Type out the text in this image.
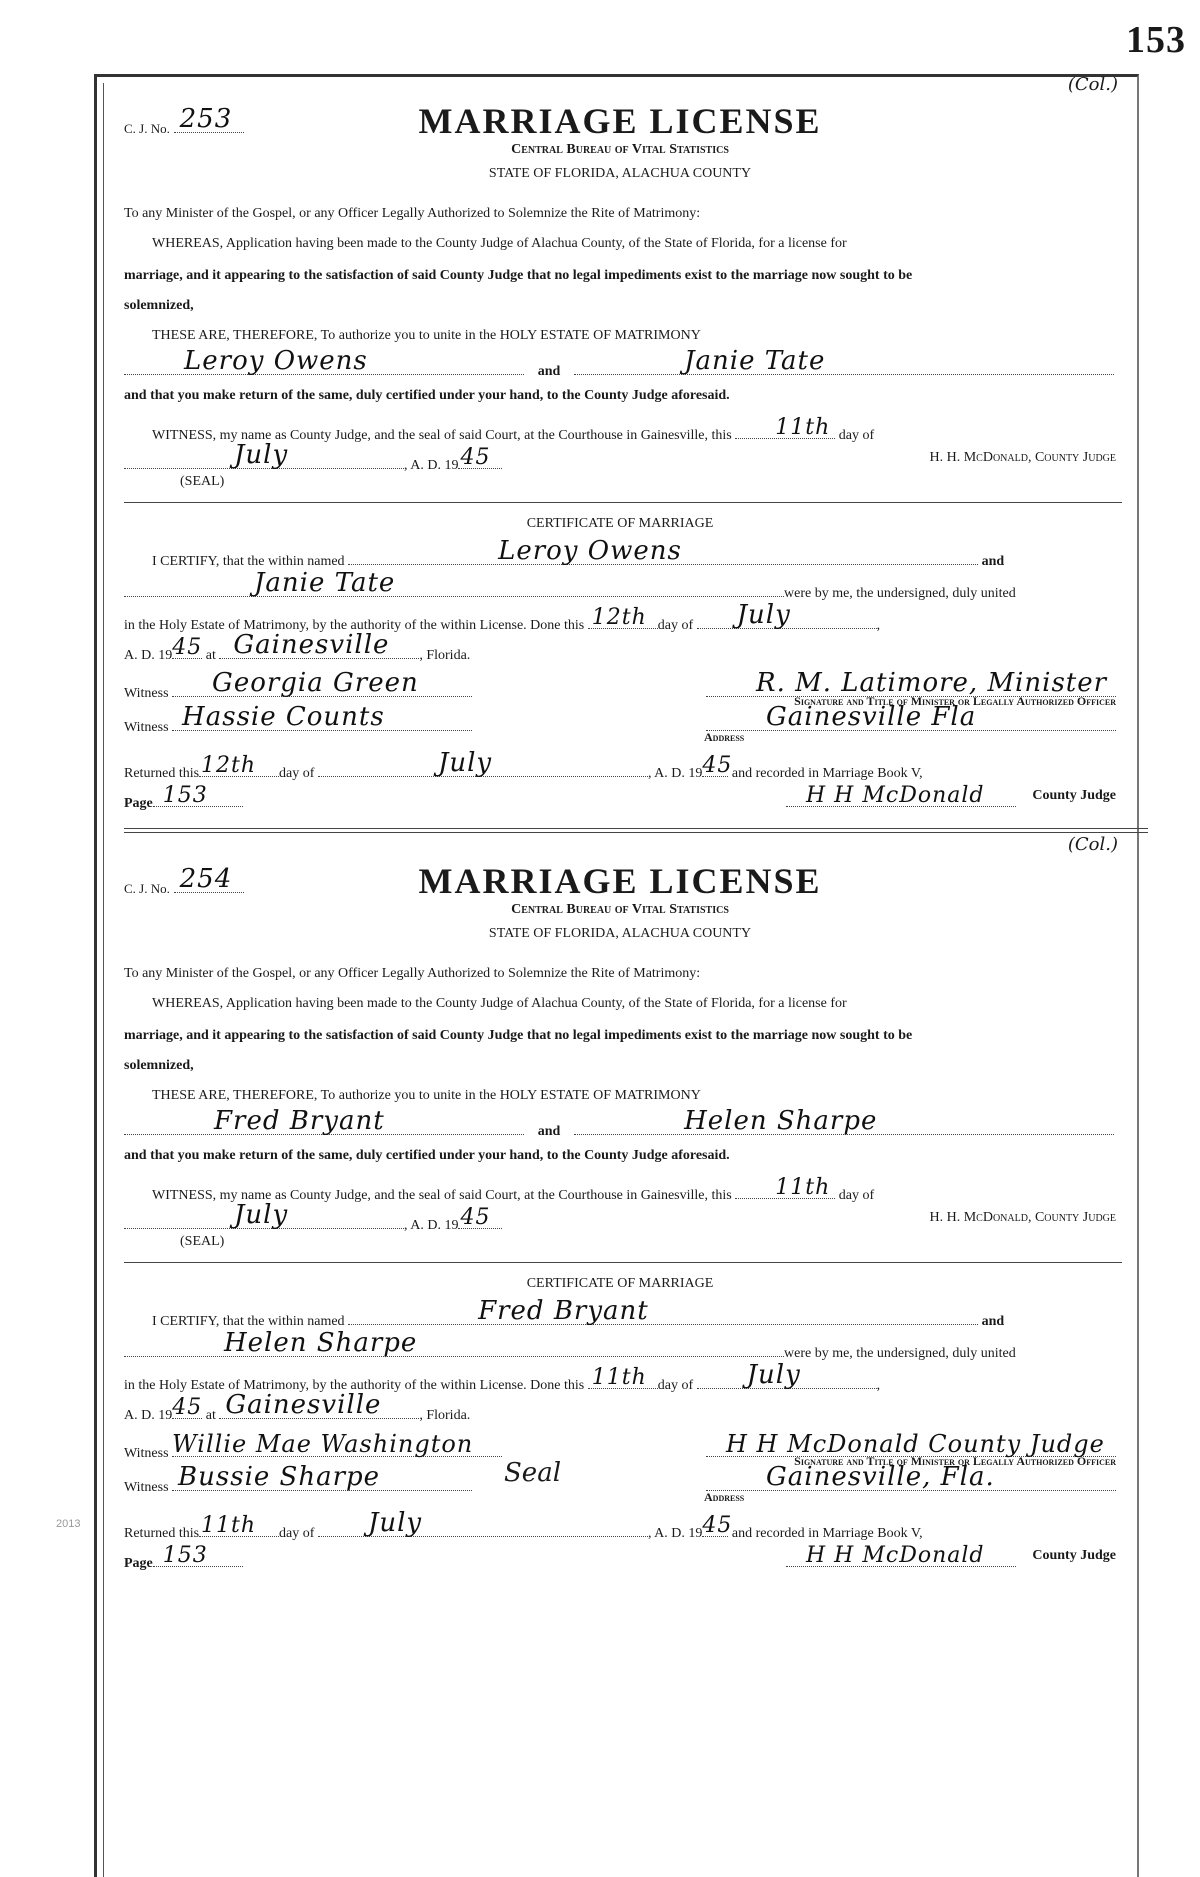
153
2013
(Col.)
C. J. No. 253	MARRIAGE LICENSE
Central Bureau of Vital Statistics
STATE OF FLORIDA, ALACHUA COUNTY
To any Minister of the Gospel, or any Officer Legally Authorized to Solemnize the Rite of Matrimony:
WHEREAS, Application having been made to the County Judge of Alachua County, of the State of Florida, for a license for
marriage, and it appearing to the satisfaction of said County Judge that no legal impediments exist to the marriage now sought to be
solemnized,
THESE ARE, THEREFORE, To authorize you to unite in the HOLY ESTATE OF MATRIMONY
Leroy Owens	and	Janie Tate
and that you make return of the same, duly certified under your hand, to the County Judge aforesaid.
WITNESS, my name as County Judge, and the seal of said Court, at the Courthouse in Gainesville, this 11th day of
July	, A. D. 19 45	H. H. McDonald, County Judge
(SEAL)
CERTIFICATE OF MARRIAGE
I CERTIFY, that the within named	Leroy Owens	and
Janie Tate	were by me, the undersigned, duly united
in the Holy Estate of Matrimony, by the authority of the within License. Done this 12th day of July	,
A. D. 19 45 at Gainesville , Florida.
Witness Georgia Green	R. M. Latimore, Minister
Signature and Title of Minister or Legally Authorized Officer
Witness Hassie Counts	Gainesville Fla
Address
Returned this 12th day of	July	, A. D. 19 45 and recorded in Marriage Book V,
Page 153	H H McDonald	County Judge
(Col.)
C. J. No. 254	MARRIAGE LICENSE
Central Bureau of Vital Statistics
STATE OF FLORIDA, ALACHUA COUNTY
To any Minister of the Gospel, or any Officer Legally Authorized to Solemnize the Rite of Matrimony:
WHEREAS, Application having been made to the County Judge of Alachua County, of the State of Florida, for a license for
marriage, and it appearing to the satisfaction of said County Judge that no legal impediments exist to the marriage now sought to be
solemnized,
THESE ARE, THEREFORE, To authorize you to unite in the HOLY ESTATE OF MATRIMONY
Fred Bryant	and	Helen Sharpe
and that you make return of the same, duly certified under your hand, to the County Judge aforesaid.
WITNESS, my name as County Judge, and the seal of said Court, at the Courthouse in Gainesville, this 11th day of
July	, A. D. 19 45	H. H. McDonald, County Judge
(SEAL)
CERTIFICATE OF MARRIAGE
I CERTIFY, that the within named	Fred Bryant	and
Helen Sharpe	were by me, the undersigned, duly united
in the Holy Estate of Matrimony, by the authority of the within License. Done this 11th day of July	,
A. D. 19 45 at Gainesville	, Florida.
Witness Willie Mae Washington	H H McDonald County Judge
Signature and Title of Minister or Legally Authorized Officer
Witness Bussie Sharpe	Seal	Gainesville, Fla.
Address
Returned this 11th day of July	, A. D. 19 45 and recorded in Marriage Book V,
Page 153	H H McDonald	County Judge
